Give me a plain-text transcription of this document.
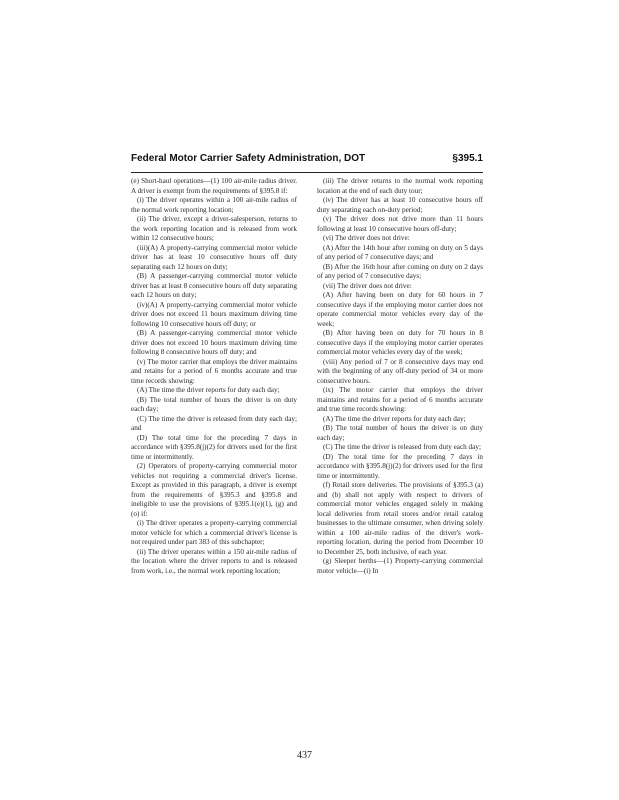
Federal Motor Carrier Safety Administration, DOT	§395.1

(e) Short-haul operations—(1) 100 air-mile radius driver. A driver is exempt from the requirements of §395.8 if:

(i) The driver operates within a 100 air-mile radius of the normal work reporting location;

(ii) The driver, except a driver-salesperson, returns to the work reporting location and is released from work within 12 consecutive hours;

(iii)(A) A property-carrying commercial motor vehicle driver has at least 10 consecutive hours off duty separating each 12 hours on duty;

(B) A passenger-carrying commercial motor vehicle driver has at least 8 consecutive hours off duty separating each 12 hours on duty;

(iv)(A) A property-carrying commercial motor vehicle driver does not exceed 11 hours maximum driving time following 10 consecutive hours off duty; or

(B) A passenger-carrying commercial motor vehicle driver does not exceed 10 hours maximum driving time following 8 consecutive hours off duty; and

(v) The motor carrier that employs the driver maintains and retains for a period of 6 months accurate and true time records showing:

(A) The time the driver reports for duty each day;

(B) The total number of hours the driver is on duty each day;

(C) The time the driver is released from duty each day; and

(D) The total time for the preceding 7 days in accordance with §395.8(j)(2) for drivers used for the first time or intermittently.

(2) Operators of property-carrying commercial motor vehicles not requiring a commercial driver's license. Except as provided in this paragraph, a driver is exempt from the requirements of §395.3 and §395.8 and ineligible to use the provisions of §395.1(e)(1), (g) and (o) if:

(i) The driver operates a property-carrying commercial motor vehicle for which a commercial driver's license is not required under part 383 of this subchapter;

(ii) The driver operates within a 150 air-mile radius of the location where the driver reports to and is released from work, i.e., the normal work reporting location;

(iii) The driver returns to the normal work reporting location at the end of each duty tour;

(iv) The driver has at least 10 consecutive hours off duty separating each on-duty period;

(v) The driver does not drive more than 11 hours following at least 10 consecutive hours off-duty;

(vi) The driver does not drive:

(A) After the 14th hour after coming on duty on 5 days of any period of 7 consecutive days; and

(B) After the 16th hour after coming on duty on 2 days of any period of 7 consecutive days;

(vii) The driver does not drive:

(A) After having been on duty for 60 hours in 7 consecutive days if the employing motor carrier does not operate commercial motor vehicles every day of the week;

(B) After having been on duty for 70 hours in 8 consecutive days if the employing motor carrier operates commercial motor vehicles every day of the week;

(viii) Any period of 7 or 8 consecutive days may end with the beginning of any off-duty period of 34 or more consecutive hours.

(ix) The motor carrier that employs the driver maintains and retains for a period of 6 months accurate and true time records showing:

(A) The time the driver reports for duty each day;

(B) The total number of hours the driver is on duty each day;

(C) The time the driver is released from duty each day;

(D) The total time for the preceding 7 days in accordance with §395.8(j)(2) for drivers used for the first time or intermittently.

(f) Retail store deliveries. The provisions of §395.3 (a) and (b) shall not apply with respect to drivers of commercial motor vehicles engaged solely in making local deliveries from retail stores and/or retail catalog businesses to the ultimate consumer, when driving solely within a 100 air-mile radius of the driver's work-reporting location, during the period from December 10 to December 25, both inclusive, of each year.

(g) Sleeper berths—(1) Property-carrying commercial motor vehicle—(i) In

437
